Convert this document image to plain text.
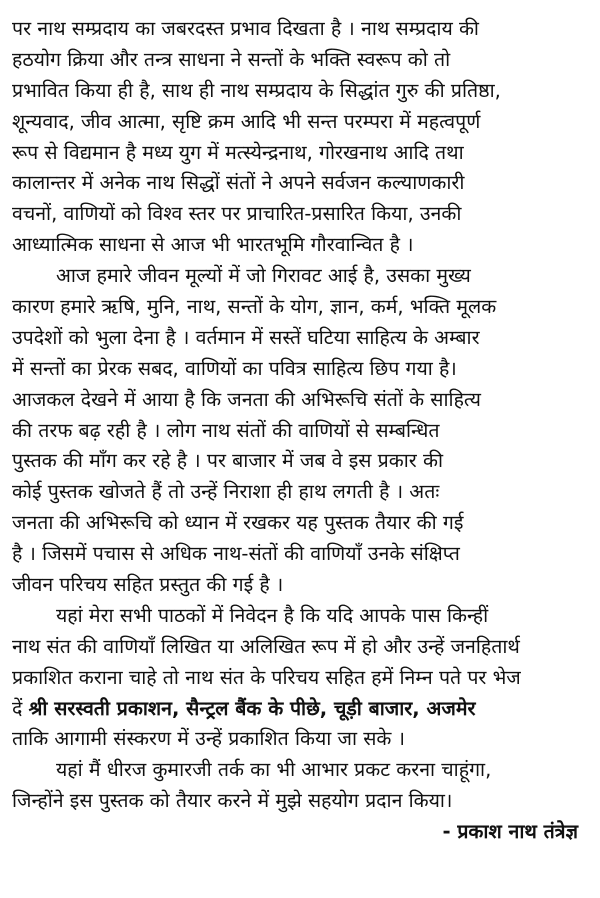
पर नाथ सम्प्रदाय का जबरदस्त प्रभाव दिखता है । नाथ सम्प्रदाय की
हठयोग क्रिया और तन्त्र साधना ने सन्तों के भक्ति स्वरूप को तो
प्रभावित किया ही है, साथ ही नाथ सम्प्रदाय के सिद्धांत गुरु की प्रतिष्ठा,
शून्यवाद, जीव आत्मा, सृष्टि क्रम आदि भी सन्त परम्परा में महत्वपूर्ण
रूप से विद्यमान है मध्य युग में मत्स्येन्द्रनाथ, गोरखनाथ आदि तथा
कालान्तर में अनेक नाथ सिद्धों संतों ने अपने सर्वजन कल्याणकारी
वचनों, वाणियों को विश्व स्तर पर प्राचारित-प्रसारित किया, उनकी
आध्यात्मिक साधना से आज भी भारतभूमि गौरवान्वित है ।
आज हमारे जीवन मूल्यों में जो गिरावट आई है, उसका मुख्य
कारण हमारे ऋषि, मुनि, नाथ, सन्तों के योग, ज्ञान, कर्म, भक्ति मूलक
उपदेशों को भुला देना है । वर्तमान में सस्तें घटिया साहित्य के अम्बार
में सन्तों का प्रेरक सबद, वाणियों का पवित्र साहित्य छिप गया है।
आजकल देखने में आया है कि जनता की अभिरूचि संतों के साहित्य
की तरफ बढ़ रही है । लोग नाथ संतों की वाणियों से सम्बन्धित
पुस्तक की माँग कर रहे है । पर बाजार में जब वे इस प्रकार की
कोई पुस्तक खोजते हैं तो उन्हें निराशा ही हाथ लगती है । अतः
जनता की अभिरूचि को ध्यान में रखकर यह पुस्तक तैयार की गई
है । जिसमें पचास से अधिक नाथ-संतों की वाणियाँ उनके संक्षिप्त
जीवन परिचय सहित प्रस्तुत की गई है ।
यहां मेरा सभी पाठकों में निवेदन है कि यदि आपके पास किन्हीं
नाथ संत की वाणियाँ लिखित या अलिखित रूप में हो और उन्हें जनहितार्थ
प्रकाशित कराना चाहे तो नाथ संत के परिचय सहित हमें निम्न पते पर भेज
दें श्री सरस्वती प्रकाशन, सैन्ट्रल बैंक के पीछे, चूड़ी बाजार, अजमेर
ताकि आगामी संस्करण में उन्हें प्रकाशित किया जा सके ।
यहां मैं धीरज कुमारजी तर्क का भी आभार प्रकट करना चाहूंगा,
जिन्होंने इस पुस्तक को तैयार करने में मुझे सहयोग प्रदान किया।
- प्रकाश नाथ तंत्रेज्ञ
